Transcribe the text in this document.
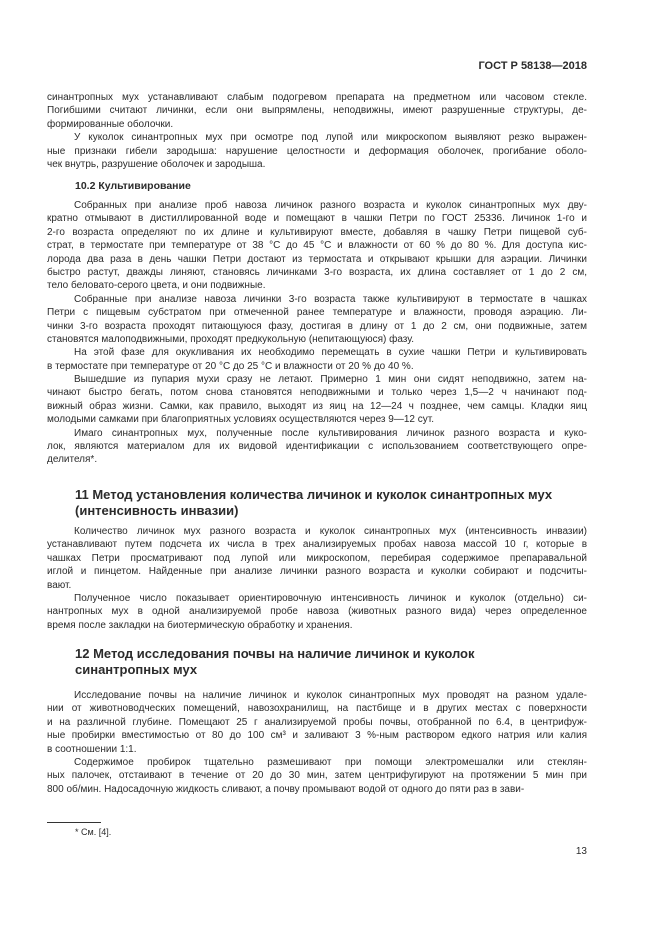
ГОСТ Р 58138—2018
синантропных мух устанавливают слабым подогревом препарата на предметном или часовом стекле.
Погибшими считают личинки, если они выпрямлены, неподвижны, имеют разрушенные структуры, де-
формированные оболочки.
У куколок синантропных мух при осмотре под лупой или микроскопом выявляют резко выражен-
ные признаки гибели зародыша: нарушение целостности и деформация оболочек, прогибание оболо-
чек внутрь, разрушение оболочек и зародыша.
10.2 Культивирование
Собранных при анализе проб навоза личинок разного возраста и куколок синантропных мух дву-
кратно отмывают в дистиллированной воде и помещают в чашки Петри по ГОСТ 25336. Личинок 1-го и
2-го возраста определяют по их длине и культивируют вместе, добавляя в чашку Петри пищевой суб-
страт, в термостате при температуре от 38 °С до 45 °С и влажности от 60 % до 80 %. Для доступа кис-
лорода два раза в день чашки Петри достают из термостата и открывают крышки для аэрации. Личинки
быстро растут, дважды линяют, становясь личинками 3-го возраста, их длина составляет от 1 до 2 см,
тело беловато-серого цвета, и они подвижные.
Собранные при анализе навоза личинки 3-го возраста также культивируют в термостате в чашках
Петри с пищевым субстратом при отмеченной ранее температуре и влажности, проводя аэрацию. Ли-
чинки 3-го возраста проходят питающуюся фазу, достигая в длину от 1 до 2 см, они подвижные, затем
становятся малоподвижными, проходят предкукольную (непитающуюся) фазу.
На этой фазе для окукливания их необходимо перемещать в сухие чашки Петри и культивировать
в термостате при температуре от 20 °С до 25 °С и влажности от 20 % до 40 %.
Вышедшие из пупария мухи сразу не летают. Примерно 1 мин они сидят неподвижно, затем на-
чинают быстро бегать, потом снова становятся неподвижными и только через 1,5—2 ч начинают под-
вижный образ жизни. Самки, как правило, выходят из яиц на 12—24 ч позднее, чем самцы. Кладки яиц
молодыми самками при благоприятных условиях осуществляются через 9—12 сут.
Имаго синантропных мух, полученные после культивирования личинок разного возраста и куко-
лок, являются материалом для их видовой идентификации с использованием соответствующего опре-
делителя*.
11 Метод установления количества личинок и куколок синантропных мух (интенсивность инвазии)
Количество личинок мух разного возраста и куколок синантропных мух (интенсивность инвазии)
устанавливают путем подсчета их числа в трех анализируемых пробах навоза массой 10 г, которые в
чашках Петри просматривают под лупой или микроскопом, перебирая содержимое препаравальной
иглой и пинцетом. Найденные при анализе личинки разного возраста и куколки собирают и подсчиты-
вают.
Полученное число показывает ориентировочную интенсивность личинок и куколок (отдельно) си-
нантропных мух в одной анализируемой пробе навоза (животных разного вида) через определенное
время после закладки на биотермическую обработку и хранения.
12 Метод исследования почвы на наличие личинок и куколок синантропных мух
Исследование почвы на наличие личинок и куколок синантропных мух проводят на разном удале-
нии от животноводческих помещений, навозохранилищ, на пастбище и в других местах с поверхности
и на различной глубине. Помещают 25 г анализируемой пробы почвы, отобранной по 6.4, в центрифуж-
ные пробирки вместимостью от 80 до 100 см³ и заливают 3 %-ным раствором едкого натрия или калия
в соотношении 1:1.
Содержимое пробирок тщательно размешивают при помощи электромешалки или стеклян-
ных палочек, отстаивают в течение от 20 до 30 мин, затем центрифугируют на протяжении 5 мин при
800 об/мин. Надосадочную жидкость сливают, а почву промывают водой от одного до пяти раз в зави-
* См. [4].
13
